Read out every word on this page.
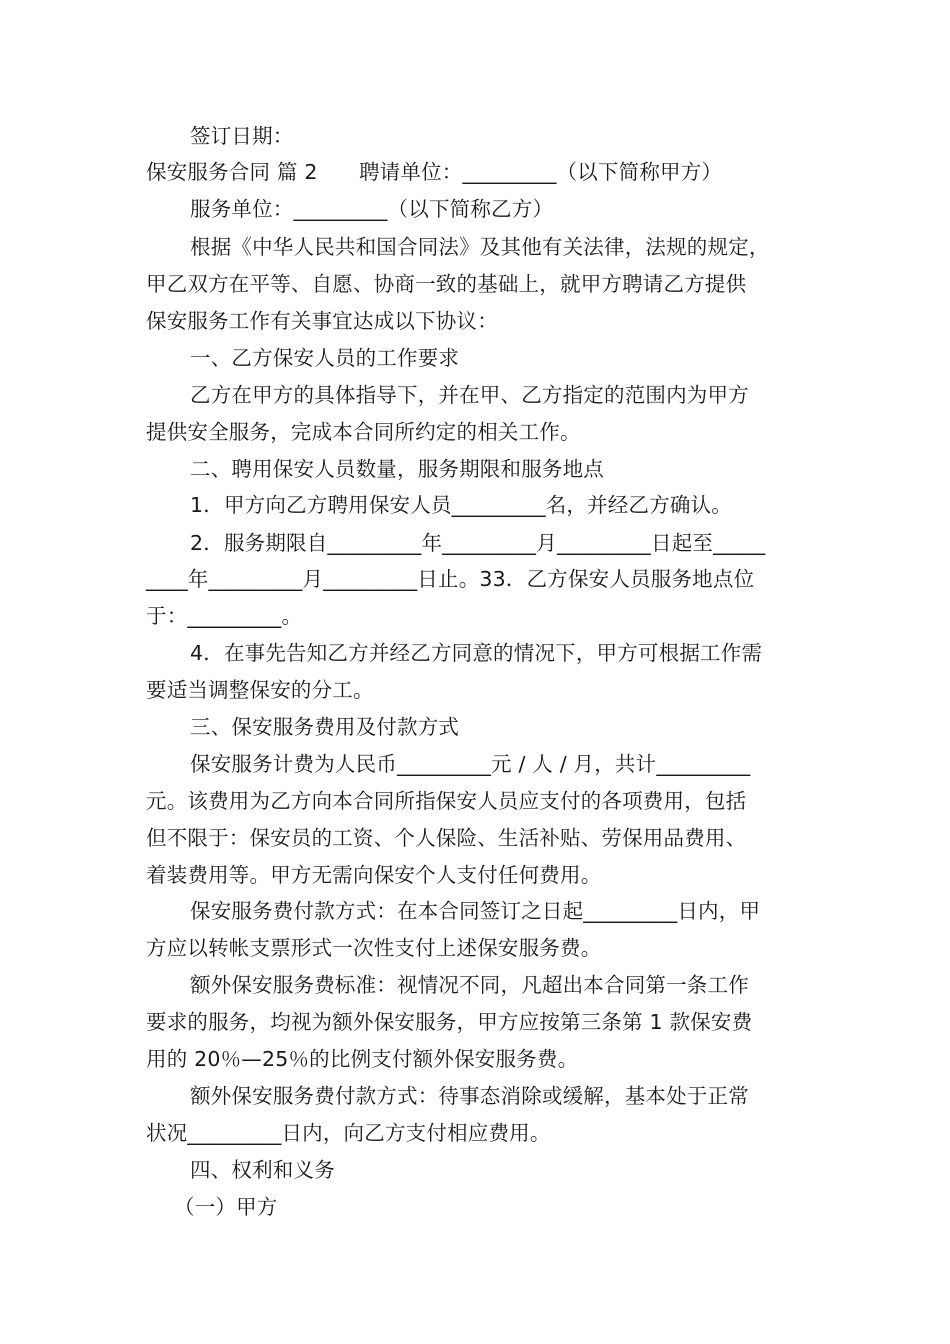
签订日期：
保安服务合同 篇 2　　聘请单位：_________（以下简称甲方）
服务单位：_________（以下简称乙方）
根据《中华人民共和国合同法》及其他有关法律，法规的规定，
甲乙双方在平等、自愿、协商一致的基础上，就甲方聘请乙方提供
保安服务工作有关事宜达成以下协议：
一、乙方保安人员的工作要求
乙方在甲方的具体指导下，并在甲、乙方指定的范围内为甲方
提供安全服务，完成本合同所约定的相关工作。
二、聘用保安人员数量，服务期限和服务地点
1．甲方向乙方聘用保安人员_________名，并经乙方确认。
2．服务期限自_________年_________月_________日起至_____
____年_________月_________日止。33．乙方保安人员服务地点位
于：_________。
4．在事先告知乙方并经乙方同意的情况下，甲方可根据工作需
要适当调整保安的分工。
三、保安服务费用及付款方式
保安服务计费为人民币_________元 / 人 / 月，共计_________
元。该费用为乙方向本合同所指保安人员应支付的各项费用，包括
但不限于：保安员的工资、个人保险、生活补贴、劳保用品费用、
着装费用等。甲方无需向保安个人支付任何费用。
保安服务费付款方式：在本合同签订之日起_________日内，甲
方应以转帐支票形式一次性支付上述保安服务费。
额外保安服务费标准：视情况不同，凡超出本合同第一条工作
要求的服务，均视为额外保安服务，甲方应按第三条第 1 款保安费
用的 20％—25％的比例支付额外保安服务费。
额外保安服务费付款方式：待事态消除或缓解，基本处于正常
状况_________日内，向乙方支付相应费用。
四、权利和义务
（一）甲方
